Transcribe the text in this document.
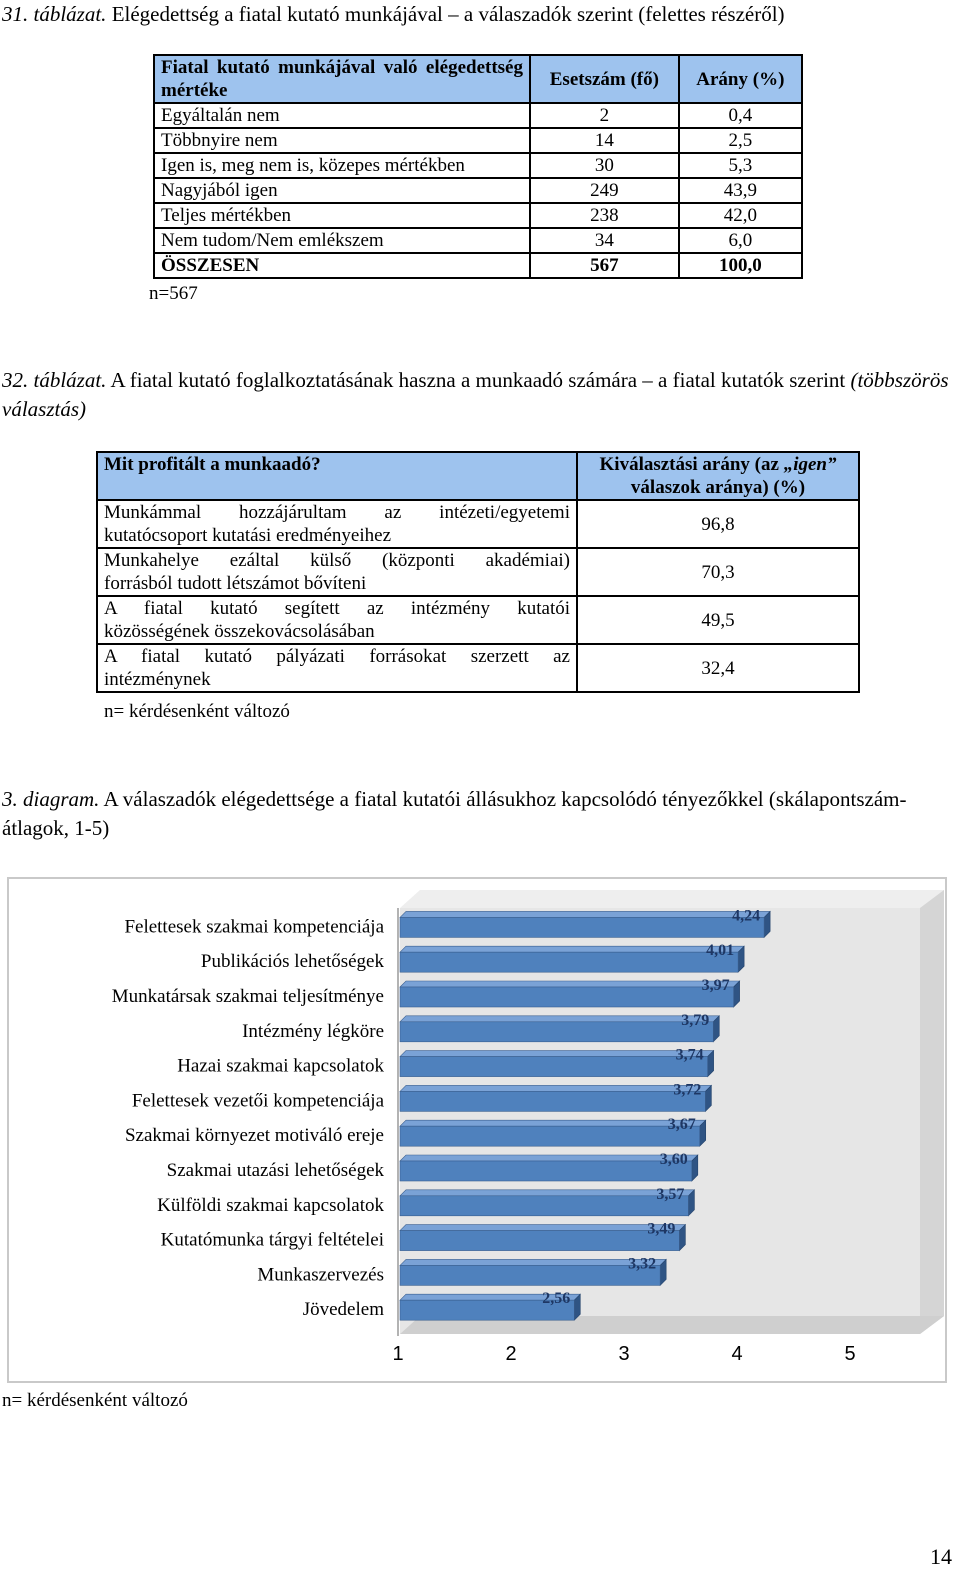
31. táblázat. Elégedettség a fiatal kutató munkájával – a válaszadók szerint (felettes részéről)

Fiatal kutató munkájával való elégedettség mértéke	Esetszám (fő)	Arány (%)
Egyáltalán nem	2	0,4
Többnyire nem	14	2,5
Igen is, meg nem is, közepes mértékben	30	5,3
Nagyjából igen	249	43,9
Teljes mértékben	238	42,0
Nem tudom/Nem emlékszem	34	6,0
ÖSSZESEN	567	100,0

n=567

32. táblázat. A fiatal kutató foglalkoztatásának haszna a munkaadó számára – a fiatal kutatók szerint (többszörös választás)

Mit profitált a munkaadó?	Kiválasztási arány (az „igen”
válaszok aránya) (%)

Munkámmal hozzájárultam az intézeti/egyetemi
kutatócsoport kutatási eredményeihez	96,8

Munkahelye ezáltal külső (központi akadémiai)
forrásból tudott létszámot bővíteni	70,3

A fiatal kutató segített az intézmény kutatói
közösségének összekovácsolásában	49,5

A fiatal kutató pályázati forrásokat szerzett az
intézménynek	32,4

n= kérdésenként változó

3. diagram. A válaszadók elégedettsége a fiatal kutatói állásukhoz kapcsolódó tényezőkkel (skálapontszám-átlagok, 1-5)

Felettesek szakmai kompetenciája
Publikációs lehetőségek
Munkatársak szakmai teljesítménye
Intézmény légköre
Hazai szakmai kapcsolatok
Felettesek vezetői kompetenciája
Szakmai környezet motiváló ereje
Szakmai utazási lehetőségek
Külföldi szakmai kapcsolatok
Kutatómunka tárgyi feltételei
Munkaszervezés
Jövedelem
4,24
4,01
3,97
3,79
3,74
3,72
3,67
3,60
3,57
3,49
3,32
2,56
1	2	3	4	5

n= kérdésenként változó

14
